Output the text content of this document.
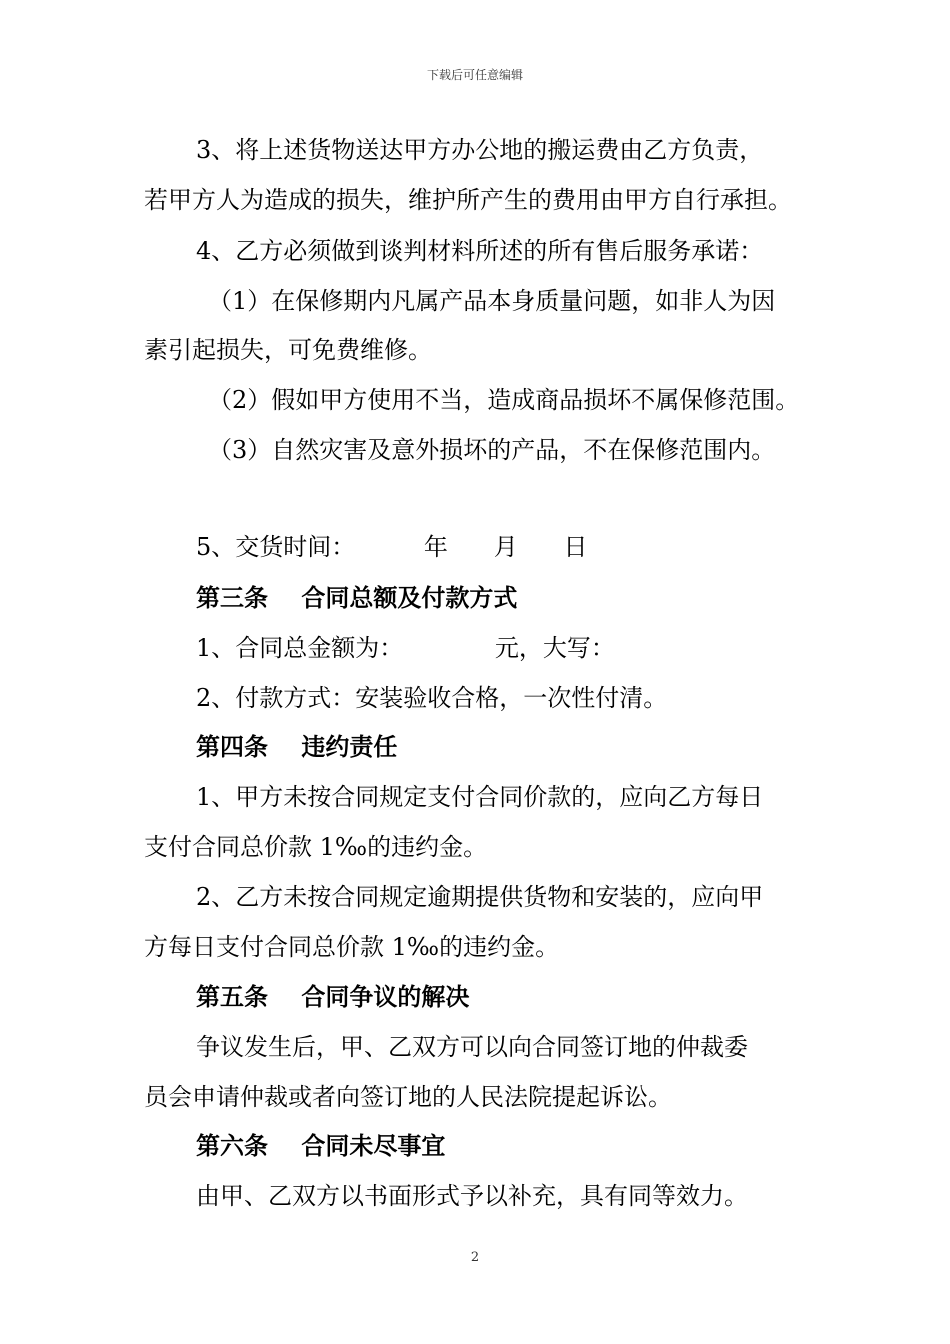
下载后可任意编辑
3、将上述货物送达甲方办公地的搬运费由乙方负责，
若甲方人为造成的损失，维护所产生的费用由甲方自行承担。
4、乙方必须做到谈判材料所述的所有售后服务承诺：
（1）在保修期内凡属产品本身质量问题，如非人为因
素引起损失，可免费维修。
（2）假如甲方使用不当，造成商品损坏不属保修范围。
（3）自然灾害及意外损坏的产品，不在保修范围内。
5、交货时间：         年      月      日
第三条    合同总额及付款方式
1、合同总金额为：            元，大写：
2、付款方式：安装验收合格，一次性付清。
第四条    违约责任
1、甲方未按合同规定支付合同价款的，应向乙方每日
支付合同总价款 1‰的违约金。
2、乙方未按合同规定逾期提供货物和安装的，应向甲
方每日支付合同总价款 1‰的违约金。
第五条    合同争议的解决
争议发生后，甲、乙双方可以向合同签订地的仲裁委
员会申请仲裁或者向签订地的人民法院提起诉讼。
第六条    合同未尽事宜
由甲、乙双方以书面形式予以补充，具有同等效力。
2
